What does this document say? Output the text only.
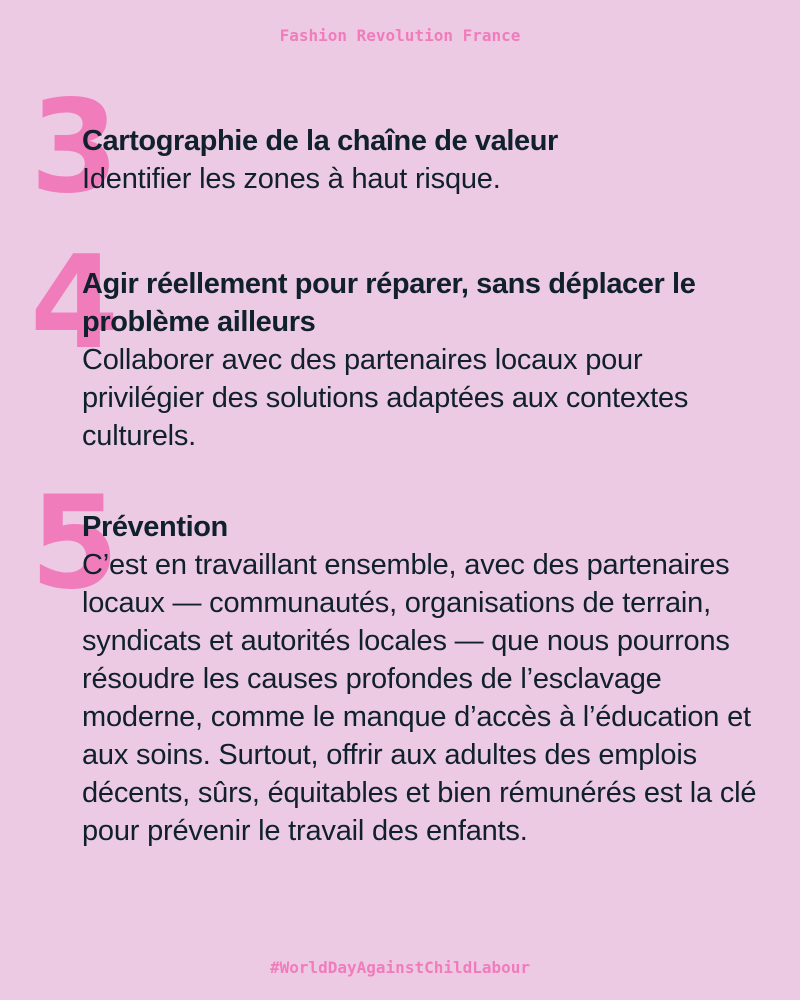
Fashion Revolution France
3
Cartographie de la chaîne de valeur
Identifier les zones à haut risque.
4
Agir réellement pour réparer, sans déplacer le problème ailleurs
Collaborer avec des partenaires locaux pour privilégier des solutions adaptées aux contextes culturels.
5
Prévention
C’est en travaillant ensemble, avec des partenaires locaux — communautés, organisations de terrain, syndicats et autorités locales — que nous pourrons résoudre les causes profondes de l’esclavage moderne, comme le manque d’accès à l’éducation et aux soins. Surtout, offrir aux adultes des emplois décents, sûrs, équitables et bien rémunérés est la clé pour prévenir le travail des enfants.
#WorldDayAgainstChildLabour
